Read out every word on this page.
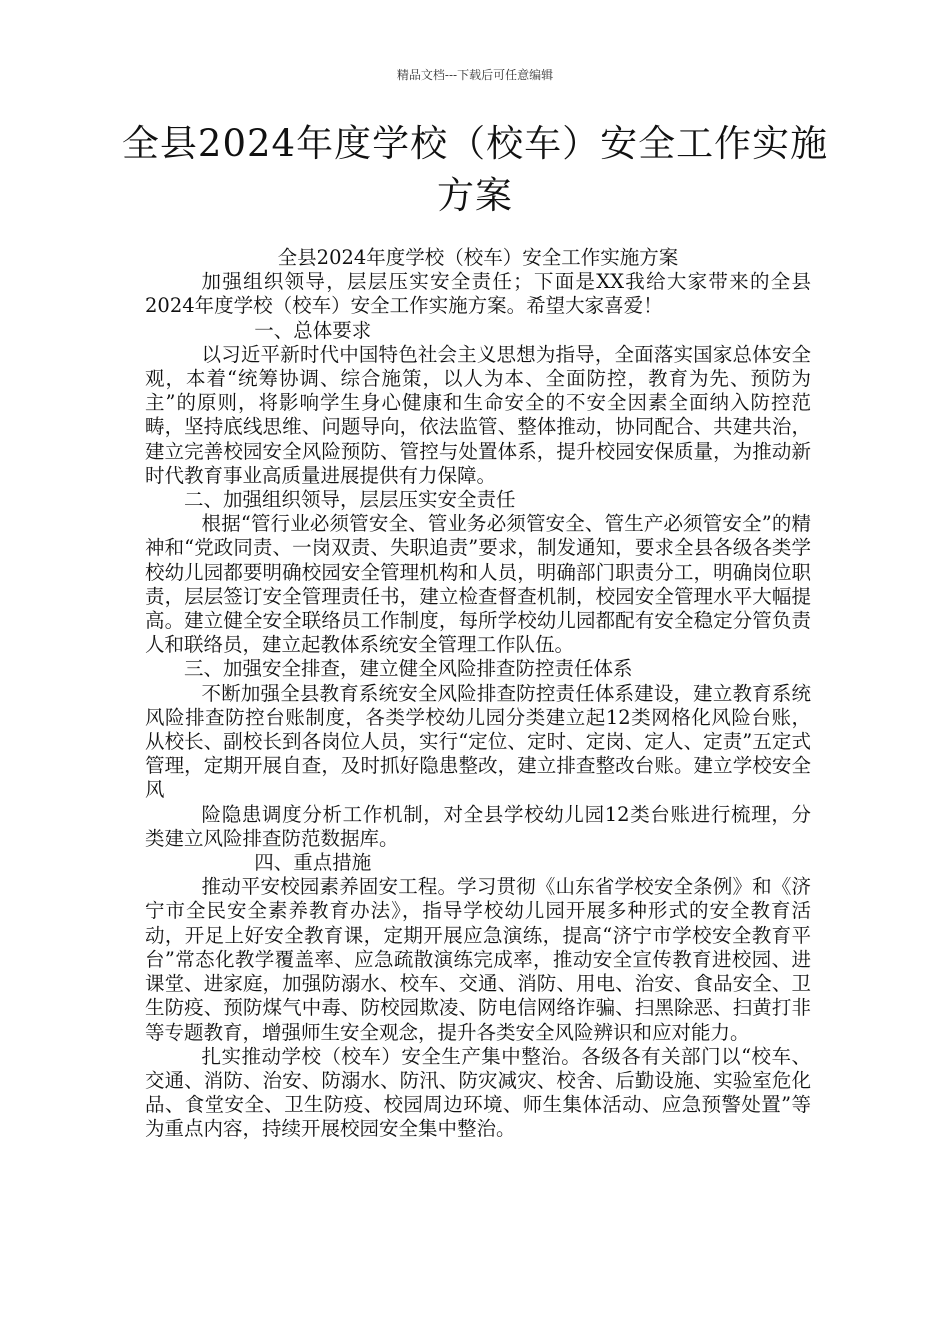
精品文档---下载后可任意编辑
全县2024年度学校（校车）安全工作实施方案

全县2024年度学校（校车）安全工作实施方案

加强组织领导，层层压实安全责任；下面是XX我给大家带来的全县2024年度学校（校车）安全工作实施方案。希望大家喜爱！

一、总体要求

以习近平新时代中国特色社会主义思想为指导，全面落实国家总体安全观，本着“统筹协调、综合施策，以人为本、全面防控，教育为先、预防为主”的原则，将影响学生身心健康和生命安全的不安全因素全面纳入防控范畴，坚持底线思维、问题导向，依法监管、整体推动，协同配合、共建共治，建立完善校园安全风险预防、管控与处置体系，提升校园安保质量，为推动新时代教育事业高质量进展提供有力保障。

二、加强组织领导，层层压实安全责任

根据“管行业必须管安全、管业务必须管安全、管生产必须管安全”的精神和“党政同责、一岗双责、失职追责”要求，制发通知，要求全县各级各类学校幼儿园都要明确校园安全管理机构和人员，明确部门职责分工，明确岗位职责，层层签订安全管理责任书，建立检查督查机制，校园安全管理水平大幅提高。建立健全安全联络员工作制度，每所学校幼儿园都配有安全稳定分管负责人和联络员，建立起教体系统安全管理工作队伍。

三、加强安全排查，建立健全风险排查防控责任体系

不断加强全县教育系统安全风险排查防控责任体系建设，建立教育系统风险排查防控台账制度，各类学校幼儿园分类建立起12类网格化风险台账，从校长、副校长到各岗位人员，实行“定位、定时、定岗、定人、定责”五定式管理，定期开展自查，及时抓好隐患整改，建立排查整改台账。建立学校安全风

险隐患调度分析工作机制，对全县学校幼儿园12类台账进行梳理，分类建立风险排查防范数据库。

四、重点措施

推动平安校园素养固安工程。学习贯彻《山东省学校安全条例》和《济宁市全民安全素养教育办法》，指导学校幼儿园开展多种形式的安全教育活动，开足上好安全教育课，定期开展应急演练，提高“济宁市学校安全教育平台”常态化教学覆盖率、应急疏散演练完成率，推动安全宣传教育进校园、进课堂、进家庭，加强防溺水、校车、交通、消防、用电、治安、食品安全、卫生防疫、预防煤气中毒、防校园欺凌、防电信网络诈骗、扫黑除恶、扫黄打非等专题教育，增强师生安全观念，提升各类安全风险辨识和应对能力。

扎实推动学校（校车）安全生产集中整治。各级各有关部门以“校车、交通、消防、治安、防溺水、防汛、防灾减灾、校舍、后勤设施、实验室危化品、食堂安全、卫生防疫、校园周边环境、师生集体活动、应急预警处置”等为重点内容，持续开展校园安全集中整治。
